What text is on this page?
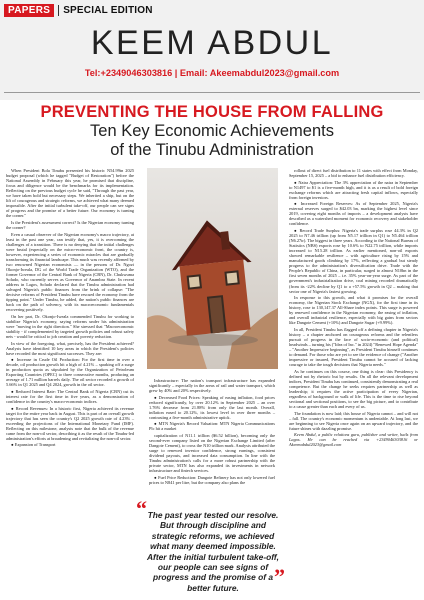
PAPERS	SPECIAL EDITION
KEEM ABDUL
Tel:+2349046303816 | Email: Akeemabdul2023@gmail.com
PREVENTING THE HOUSE FROM FALLING
Ten Key Economic Achievements
of the Tinubu Administration

When President Bola Tinubu presented his historic N54.99tn 2025 budget proposal (which he tagged "Budget of Restoration") before the National Assembly in February this year, he promised that discipline, focus and diligence would be the benchmarks for its implementation. Reflecting on the previous budget cycle he said, "Through the past year, we have taken bold but necessary steps. We inherited a ship, but on the lift of courageous and strategic reforms, we achieved what many deemed impossible. After the initial turbulent take-off, our people can see signs of progress and the promise of a better future. Our economy is turning the corner."

Is the President's assessment correct? Is the Nigerian economy turning the corner?

Even a casual observer of the Nigerian economy's macro trajectory, at least in the past one year, can testify that, yes, it is overcoming the challenges of a transition. There is no denying that the initial challenges were brutal (especially on the micro-economic front, the country is, however, experiencing a series of economic miracles that are gradually transforming its financial landscape. This much was recently affirmed by two renowned Nigerian economists — in the persons of Dr. Ngozi Okonjo-Iweala, DG of the World Trade Organization (WTO), and the former Governor of the Central Bank of Nigeria (CBN), Dr. Chukwuma Soludo, who currently serves as Governor of Anambra State. In recent address in Lagos, Soludo declared that the Tinubu administration had salvaged Nigeria's public finances from the brink of collapse: "The decisive reforms of President Tinubu have rescued the economy from the tipping point." Under Tinubu, he added, the nation's public finances are back on the path of solvency, with its macroeconomic fundamentals recovering positively.

On her part, Dr. Okonjo-Iweala commended Tinubu for working to stabilize Nigeria's economy, saying reforms under his administration were "moving in the right direction." She stressed that "Macroeconomic stability - if complemented by targeted growth policies and robust safety nets - would be critical to job creation and poverty reduction.

In view of the foregoing, what, precisely, has the President achieved? Analysts have identified 10 key areas in which the President's policies have recorded the most significant successes. They are:

● Increase in Crude Oil Production: For the first time in over a decade, oil production growth hit a high of 4.21% – sparking off a surge in production quota as stipulated by the Organization of Petroleum Exporting Countries (OPEC) to three consecutive months, producing an average of 1.71 million barrels daily. The oil sector recorded a growth of 5.66% in Q1 2025 and Q4 2024, growth in the oil sector.

● Reduced Interest Rate: The Central Bank of Nigeria (CBN) cut its interest rate for the first time in five years, as a demonstration of confidence in the country's macro-economic indices.

● Record Revenues: In a historic first, Nigeria achieved its revenue target for the entire year back in August. This is part of an overall growth trajectory that has seen the country's Q2 2025 growth rate of 4.23% – exceeding the projections of the International Monetary Fund (IMF). Reflecting on this milestone, analysts note that the bulk of the revenue came from the non-oil sector, describing it as the result of the Tinubu-led administration's efforts at broadening and revitalizing the non-oil sector.

● Expansion of Transport

Infrastructure: The nation's transport infrastructure has expanded significantly – especially in the areas of rail and water transport, which grew by 40% and 20% respectively.

● Decreased Food Prices: Speaking of easing inflation, food prices reduced significantly, by over 20.12% in September 2025 – an over 1.76% decrease from 21.88% from only the last month. Overall, inflation eased to 20.12%, its lowest level in over three months – contrasting a five-month administrative uptick.

● MTN Nigeria's Record Valuation: MTN Nigeria Communications Plc hit a market

capitalization of N11.1 trillion ($6.52 billion), becoming only the second-ever company listed on the Nigerian Exchange Limited (after Dangote Cement), to cross the N10 trillion mark. Analysts attributed the surge to renewed investor confidence, strong earnings, consistent dividend payouts, and increased data consumption. In line with the Tinubu administration's calls for a more robust partnership with the private sector, MTN has also expanded its investments in network infrastructure and fintech services.

● Fuel Price Reduction: Dangote Refinery has not only lowered fuel prices to N841 per litre, but the company also plans the

“ The past year tested our resolve. But through discipline and strategic reforms, we achieved what many deemed impossible. After the initial turbulent take-off, our people can see signs of progress and the promise of a better future.	”

rollout of direct fuel distribution to 11 states with effect from Monday, September 15, 2025 – a bid to enhance fuel distribution efficiency.

● Naira Appreciation: The 3% appreciation of the naira in September to N1497 to $1 is a five-month high, and it is as a result of bold foreign exchange reforms which are attracting fresh capital inflows, especially from foreign investors.

● Increased Foreign Reserves: As of September 2025, Nigeria's external reserves surged to $42.03 bn, marking the highest level since 2019, covering eight months of imports – a development analysts have described as a watershed moment for economic recovery and stakeholder confidence.

● Record Trade Surplus: Nigeria's trade surplus rose 44.3% in Q2 2025 to N7.46 trillion (up from N5.17 trillion in Q1) to N5.464 trillion (N6.27tr). The biggest in three years. According to the National Bureau of Statistics (NBS) exports rose by 10.6% to N22.75 trillion, while imports increased to N15.28 trillion. As earlier mentioned, non-oil exports showed remarkable resilience – with agriculture rising by 15% and manufactured goods climbing by 17%, reflecting a gradual but steady progress to the administration's diversification drive. Trade with the People's Republic of China, in particular, surged to almost N10bn in the first seven months of 2025 – i.e. 35% year-on-year surge. As part of the government's industrialization drive, coal mining recorded dramatically (from its -22% decline by Q1 to a +57.5% growth in Q2 – making that sector one of Nigeria's fastest growing.

In response to this growth, and what it promises for the overall economy, the Nigerian Stock Exchange (NGX), for the first time in its history, rose to 130,147.37 All-Share index points. This surge is powered by renewed confidence in the Nigerian economy, the easing of inflation, and overall industrial resilience, especially with big gains from sectors like Dangote Cement (+10%) and Dangote Sugar (+9.99%).

In all, President Tinubu has flagged off a defining chapter in Nigeria's history – a chapter anchored on courageous reforms and the relentless pursuit of progress in the face of socio-economic (and political) headwinds – turning his ("Idea of Inc." in 2024) "Renewed Hope Agenda" – "Another Impressive beginning", as President Tinubu himself continues to demand. For those who are yet to see the evidence of change ("Another impressive or insured, President Tinubu cannot be accused of lacking courage to take the tough decisions that Nigeria needs."

As he continues on this course, one thing is clear: this Presidency is defined not by rhetoric but by results. On all the relevant development indices, President Tinubu has continued, consistently demonstrating a real competence. But the change he seeks requires partnership as well as leadership; it requires the active participation of every Nigerian, regardless of background or walk of life. This is the time to rise beyond sectional and sectional positions, to see the big picture, and to contribute to a cause greater than each and every of us.

The foundation is now laid; this house of Nigeria cannot – and will not – fall. The country's economic momentum is undeniable. At long last, we are beginning to see Nigeria once again on an upward trajectory, and the future shines with dazzling promise.

Keem Abdul, a public relations guru, publisher and writer, hails from Lagos. He can be reached via +2349046303816 or Akeemabdul2023@gmail.com
